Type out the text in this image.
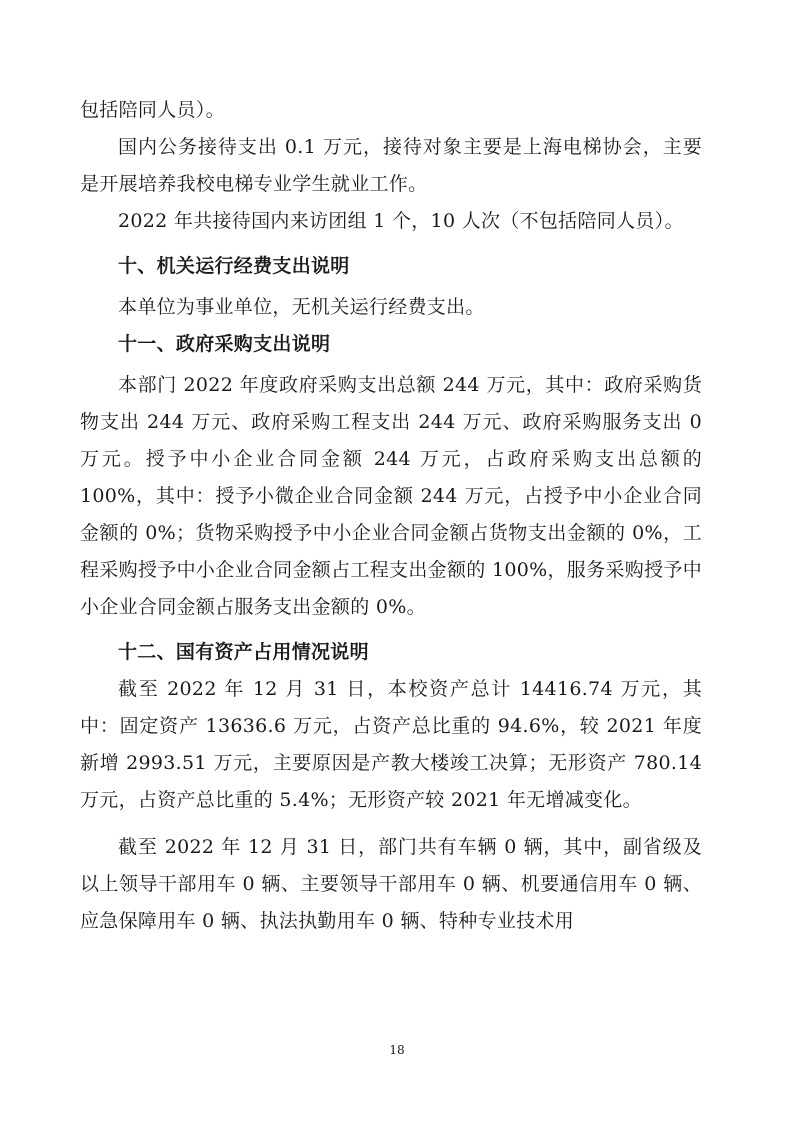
包括陪同人员）。

国内公务接待支出 0.1 万元，接待对象主要是上海电梯协会，主要是开展培养我校电梯专业学生就业工作。

2022 年共接待国内来访团组 1 个，10 人次（不包括陪同人员）。

十、机关运行经费支出说明

本单位为事业单位，无机关运行经费支出。

十一、政府采购支出说明

本部门 2022 年度政府采购支出总额 244 万元，其中：政府采购货物支出 244 万元、政府采购工程支出 244 万元、政府采购服务支出 0 万元。授予中小企业合同金额 244 万元，占政府采购支出总额的 100%，其中：授予小微企业合同金额 244 万元，占授予中小企业合同金额的 0%；货物采购授予中小企业合同金额占货物支出金额的 0%，工程采购授予中小企业合同金额占工程支出金额的 100%，服务采购授予中小企业合同金额占服务支出金额的 0%。

十二、国有资产占用情况说明

截至 2022 年 12 月 31 日，本校资产总计 14416.74 万元，其中：固定资产 13636.6 万元，占资产总比重的 94.6%，较 2021 年度新增 2993.51 万元，主要原因是产教大楼竣工决算；无形资产 780.14 万元，占资产总比重的 5.4%；无形资产较 2021 年无增减变化。

截至 2022 年 12 月 31 日，部门共有车辆 0 辆，其中，副省级及以上领导干部用车 0 辆、主要领导干部用车 0 辆、机要通信用车 0 辆、应急保障用车 0 辆、执法执勤用车 0 辆、特种专业技术用

18
